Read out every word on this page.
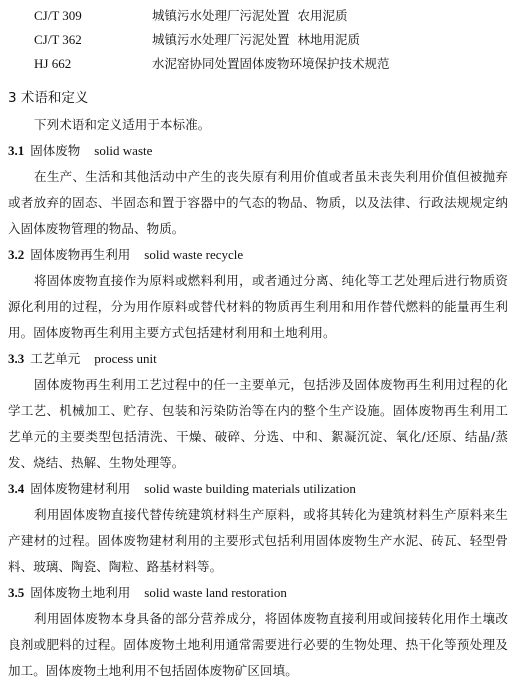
CJ/T 309	城镇污水处理厂污泥处置 农用泥质
CJ/T 362	城镇污水处理厂污泥处置 林地用泥质
HJ 662	水泥窑协同处置固体废物环境保护技术规范
3 术语和定义

下列术语和定义适用于本标准。

3.1 固体废物 solid waste

在生产、生活和其他活动中产生的丧失原有利用价值或者虽未丧失利用价值但被抛弃或者放弃的固态、半固态和置于容器中的气态的物品、物质，以及法律、行政法规规定纳入固体废物管理的物品、物质。

3.2 固体废物再生利用 solid waste recycle

将固体废物直接作为原料或燃料利用，或者通过分离、纯化等工艺处理后进行物质资源化利用的过程，分为用作原料或替代材料的物质再生利用和用作替代燃料的能量再生利用。固体废物再生利用主要方式包括建材利用和土地利用。

3.3 工艺单元 process unit

固体废物再生利用工艺过程中的任一主要单元，包括涉及固体废物再生利用过程的化学工艺、机械加工、贮存、包装和污染防治等在内的整个生产设施。固体废物再生利用工艺单元的主要类型包括清洗、干燥、破碎、分选、中和、絮凝沉淀、氧化/还原、结晶/蒸发、烧结、热解、生物处理等。

3.4 固体废物建材利用 solid waste building materials utilization

利用固体废物直接代替传统建筑材料生产原料，或将其转化为建筑材料生产原料来生产建材的过程。固体废物建材利用的主要形式包括利用固体废物生产水泥、砖瓦、轻型骨料、玻璃、陶瓷、陶粒、路基材料等。

3.5 固体废物土地利用 solid waste land restoration

利用固体废物本身具备的部分营养成分，将固体废物直接利用或间接转化用作土壤改良剂或肥料的过程。固体废物土地利用通常需要进行必要的生物处理、热干化等预处理及加工。固体废物土地利用不包括固体废物矿区回填。
